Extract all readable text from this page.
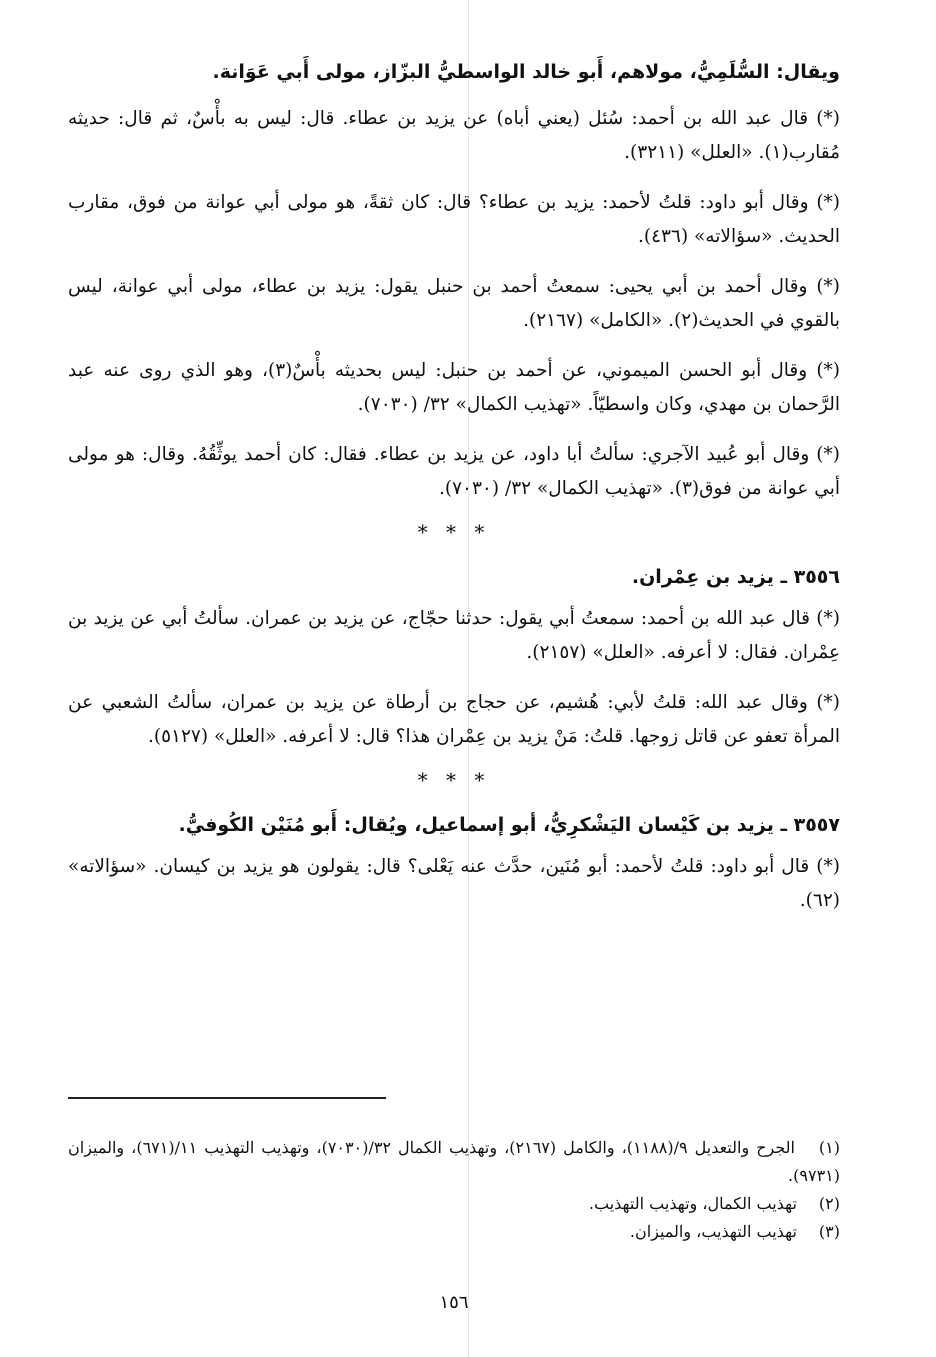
ويقال: السُّلَمِيُّ، مولاهم، أَبو خالد الواسطيُّ البزّاز، مولى أَبي عَوَانة.

(*) قال عبد الله بن أحمد: سُئل (يعني أباه) عن يزيد بن عطاء. قال: ليس به بأْسٌ، ثم قال: حديثه مُقارب(١). «العلل» (٣٢١١).

(*) وقال أبو داود: قلتُ لأحمد: يزيد بن عطاء؟ قال: كان ثقةً، هو مولى أبي عوانة من فوق، مقارب الحديث. «سؤالاته» (٤٣٦).

(*) وقال أحمد بن أبي يحيى: سمعتُ أحمد بن حنبل يقول: يزيد بن عطاء، مولى أبي عوانة، ليس بالقوي في الحديث(٢). «الكامل» (٢١٦٧).

(*) وقال أبو الحسن الميموني، عن أحمد بن حنبل: ليس بحديثه بأْسٌ(٣)، وهو الذي روى عنه عبد الرَّحمان بن مهدي، وكان واسطيّاً. «تهذيب الكمال» ٣٢/ (٧٠٣٠).

(*) وقال أبو عُبيد الآجري: سألتُ أبا داود، عن يزيد بن عطاء. فقال: كان أحمد يوثِّقُهُ. وقال: هو مولى أبي عوانة من فوق(٣). «تهذيب الكمال» ٣٢/ (٧٠٣٠).

* * *
٣٥٥٦ ـ يزيد بن عِمْران.

(*) قال عبد الله بن أحمد: سمعتُ أبي يقول: حدثنا حجّاج، عن يزيد بن عمران. سألتُ أبي عن يزيد بن عِمْران. فقال: لا أعرفه. «العلل» (٢١٥٧).

(*) وقال عبد الله: قلتُ لأبي: هُشيم، عن حجاج بن أرطاة عن يزيد بن عمران، سألتُ الشعبي عن المرأة تعفو عن قاتل زوجها. قلتُ: مَنْ يزيد بن عِمْران هذا؟ قال: لا أعرفه. «العلل» (٥١٢٧).

* * *
٣٥٥٧ ـ يزيد بن كَيْسان اليَشْكرِيُّ، أبو إسماعيل، ويُقال: أَبو مُنَيْن الكُوفيُّ.

(*) قال أبو داود: قلتُ لأحمد: أبو مُنَين، حدَّث عنه يَعْلى؟ قال: يقولون هو يزيد بن كيسان. «سؤالاته» (٦٢).

(١) الجرح والتعديل ٩/(١١٨٨)، والكامل (٢١٦٧)، وتهذيب الكمال ٣٢/(٧٠٣٠)، وتهذيب التهذيب ١١/(٦٧١)، والميزان (٩٧٣١).

(٢) تهذيب الكمال، وتهذيب التهذيب.

(٣) تهذيب التهذيب، والميزان.

١٥٦
